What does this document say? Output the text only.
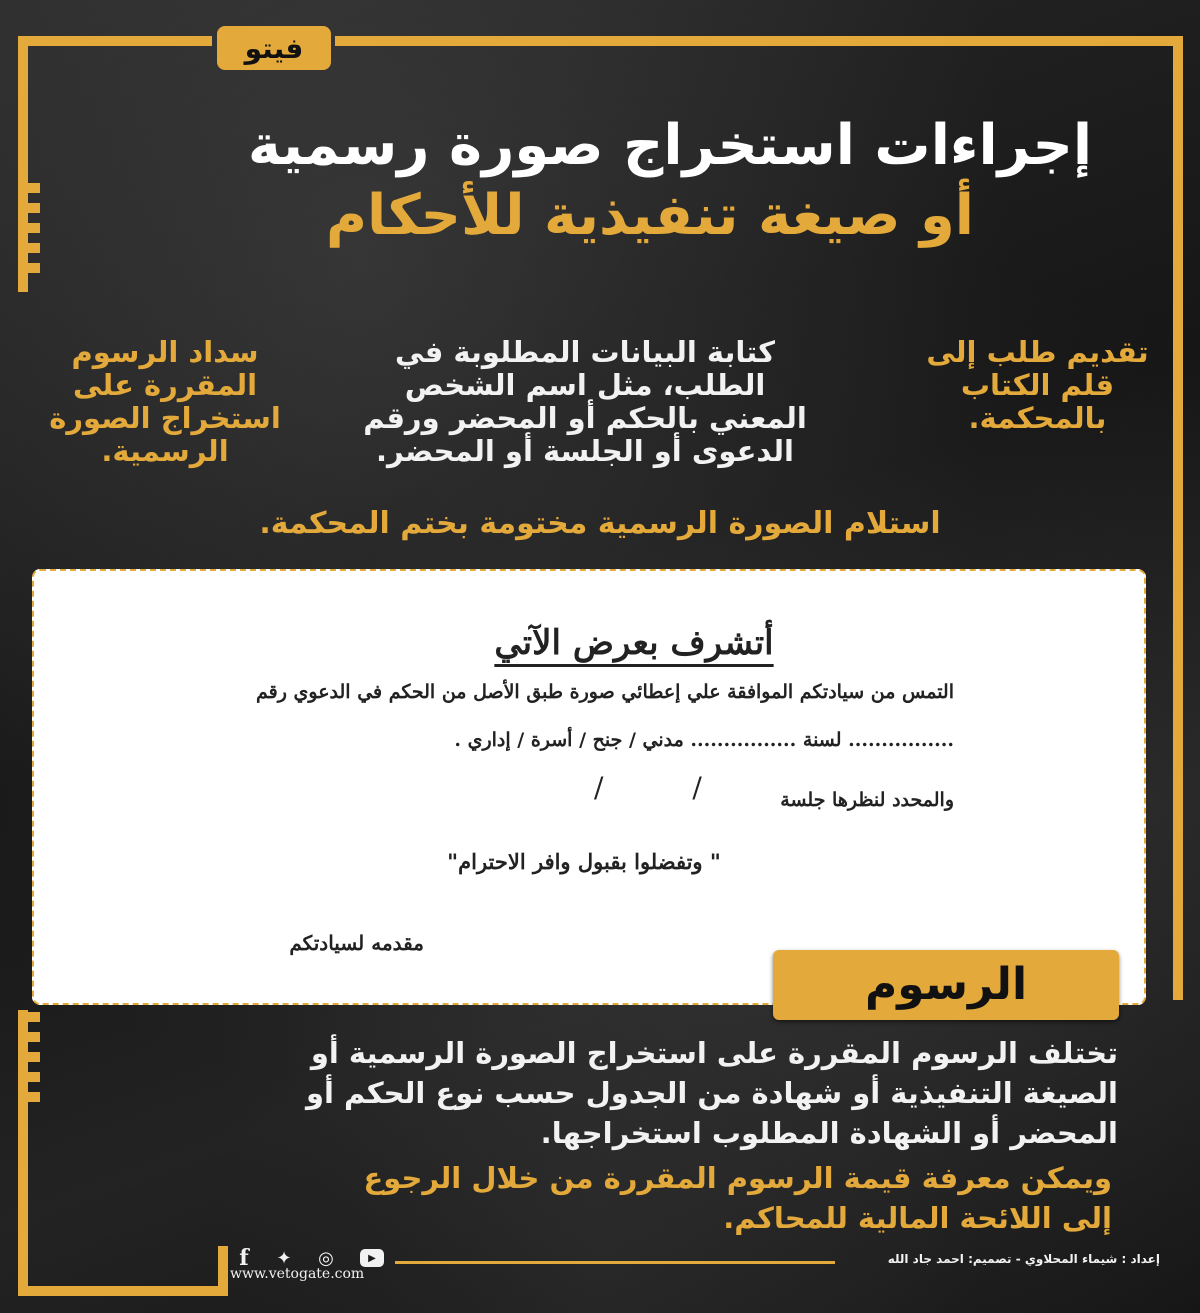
فيتو
إجراءات استخراج صورة رسمية
أو صيغة تنفيذية للأحكام
تقديم طلب إلى قلم الكتاب بالمحكمة.
كتابة البيانات المطلوبة في الطلب، مثل اسم الشخص المعني بالحكم أو المحضر ورقم الدعوى أو الجلسة أو المحضر.
سداد الرسوم المقررة على استخراج الصورة الرسمية.
استلام الصورة الرسمية مختومة بختم المحكمة.
أتشرف بعرض الآتي
التمس من سيادتكم الموافقة علي إعطائي صورة طبق الأصل من الحكم في الدعوي رقم
................ لسنة ................ مدني / جنح / أسرة / إداري .
والمحدد لنظرها جلسة
/ /
" وتفضلوا بقبول وافر الاحترام"
مقدمه لسيادتكم
الرسوم
تختلف الرسوم المقررة على استخراج الصورة الرسمية أو الصيغة التنفيذية أو شهادة من الجدول حسب نوع الحكم أو المحضر أو الشهادة المطلوب استخراجها.
ويمكن معرفة قيمة الرسوم المقررة من خلال الرجوع إلى اللائحة المالية للمحاكم.
إعداد : شيماء المحلاوي - تصميم: احمد جاد الله
▶
◎
✦
f
www.vetogate.com
